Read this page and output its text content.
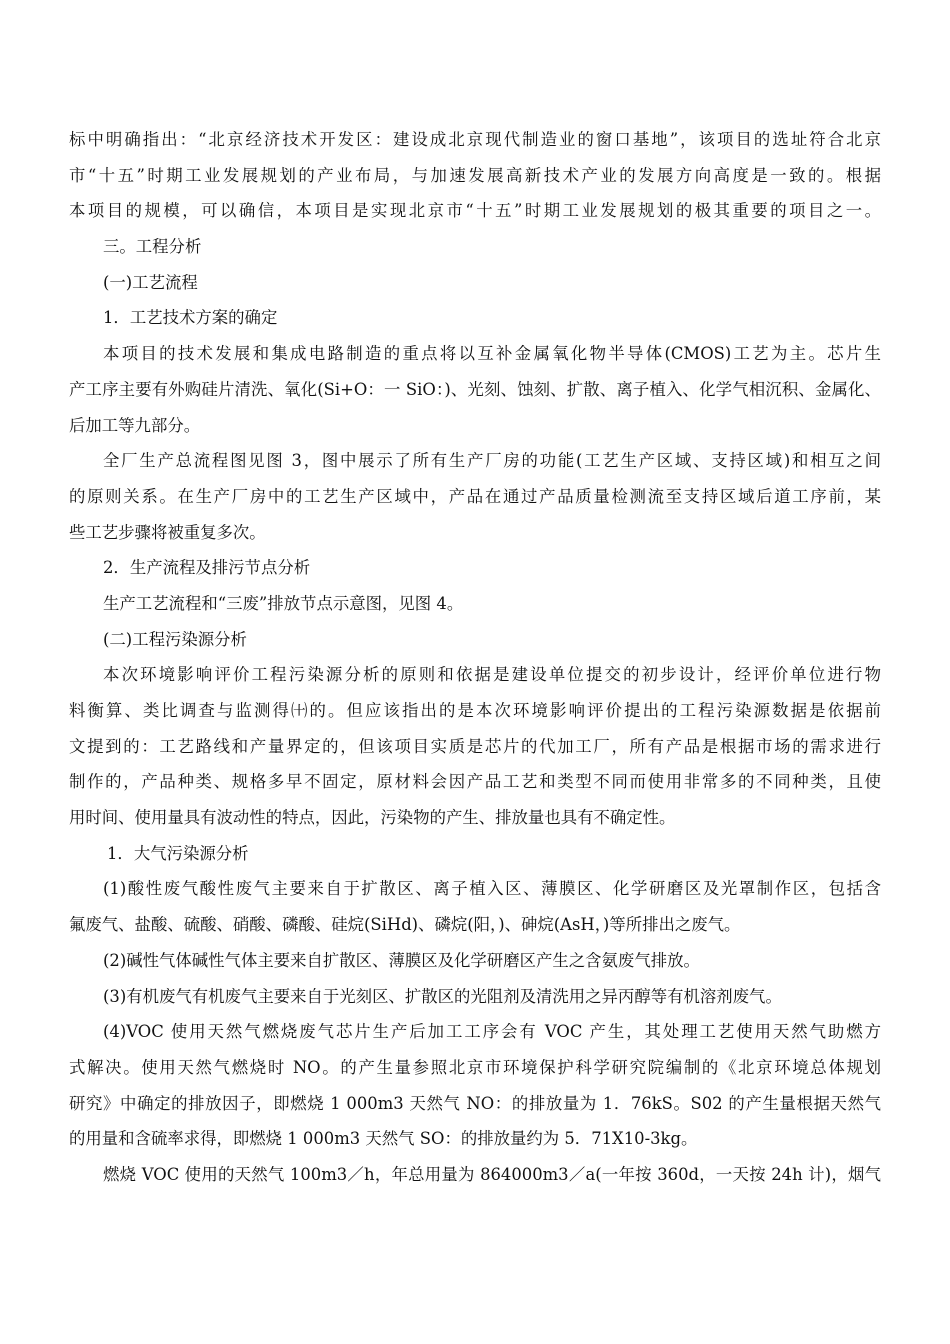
标中明确指出：“北京经济技术开发区：建设成北京现代制造业的窗口基地”，该项目的选址符合北京

市“十五”时期工业发展规划的产业布局，与加速发展高新技术产业的发展方向高度是一致的。根据

本项目的规模，可以确信，本项目是实现北京市“十五”时期工业发展规划的极其重要的项目之一。

三。工程分析

(一)工艺流程

1．工艺技术方案的确定

本项目的技术发展和集成电路制造的重点将以互补金属氧化物半导体(CMOS)工艺为主。芯片生

产工序主要有外购硅片清洗、氧化(Si+O：一 SiO：)、光刻、蚀刻、扩散、离子植入、化学气相沉积、金属化、

后加工等九部分。

全厂生产总流程图见图 3，图中展示了所有生产厂房的功能(工艺生产区域、支持区域)和相互之间

的原则关系。在生产厂房中的工艺生产区域中，产品在通过产品质量检测流至支持区域后道工序前，某

些工艺步骤将被重复多次。

2．生产流程及排污节点分析

生产工艺流程和“三废”排放节点示意图，见图 4。

(二)工程污染源分析

本次环境影响评价工程污染源分析的原则和依据是建设单位提交的初步设计，经评价单位进行物

料衡算、类比调查与监测得㈩的。但应该指出的是本次环境影响评价提出的工程污染源数据是依据前

文提到的：工艺路线和产量界定的，但该项目实质是芯片的代加工厂，所有产品是根据市场的需求进行

制作的，产品种类、规格多早不固定，原材料会因产品工艺和类型不同而使用非常多的不同种类，且使

用时间、使用量具有波动性的特点，因此，污染物的产生、排放量也具有不确定性。

1．大气污染源分析

(1)酸性废气酸性废气主要来自于扩散区、离子植入区、薄膜区、化学研磨区及光罩制作区，包括含

氟废气、盐酸、硫酸、硝酸、磷酸、硅烷(SiHd)、磷烷(阳，)、砷烷(AsH，)等所排出之废气。

(2)碱性气体碱性气体主要来自扩散区、薄膜区及化学研磨区产生之含氨废气排放。

(3)有机废气有机废气主要来自于光刻区、扩散区的光阻剂及清洗用之异丙醇等有机溶剂废气。

(4)VOC 使用天然气燃烧废气芯片生产后加工工序会有 VOC 产生，其处理工艺使用天然气助燃方

式解决。使用天然气燃烧时 NO。的产生量参照北京市环境保护科学研究院编制的《北京环境总体规划

研究》中确定的排放因子，即燃烧 1 000m3 天然气 NO：的排放量为 1．76kS。S02 的产生量根据天然气

的用量和含硫率求得，即燃烧 1 000m3 天然气 SO：的排放量约为 5．71X10-3kg。

燃烧 VOC 使用的天然气 100m3／h，年总用量为 864000m3／a(一年按 360d，一天按 24h 计)，烟气
